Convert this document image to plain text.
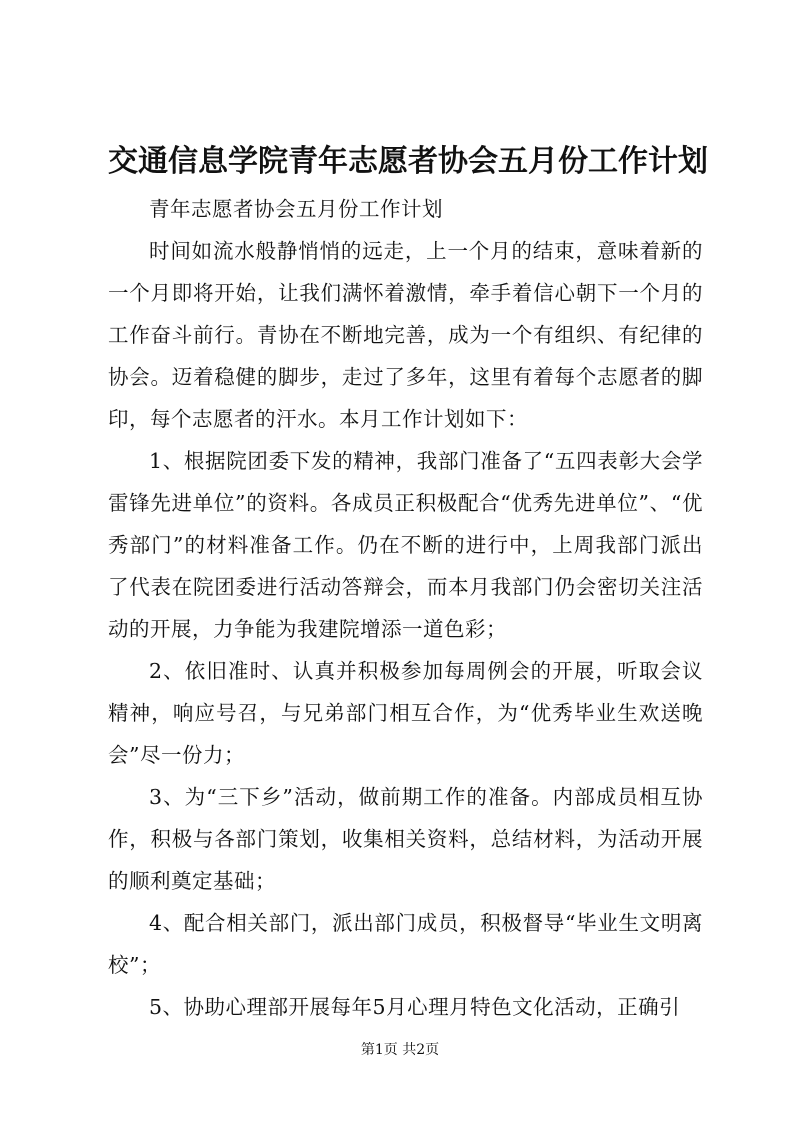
交通信息学院青年志愿者协会五月份工作计划

青年志愿者协会五月份工作计划

时间如流水般静悄悄的远走，上一个月的结束，意味着新的一个月即将开始，让我们满怀着激情，牵手着信心朝下一个月的工作奋斗前行。青协在不断地完善，成为一个有组织、有纪律的协会。迈着稳健的脚步，走过了多年，这里有着每个志愿者的脚印，每个志愿者的汗水。本月工作计划如下：

1、根据院团委下发的精神，我部门准备了“五四表彰大会学雷锋先进单位”的资料。各成员正积极配合“优秀先进单位”、“优秀部门”的材料准备工作。仍在不断的进行中，上周我部门派出了代表在院团委进行活动答辩会，而本月我部门仍会密切关注活动的开展，力争能为我建院增添一道色彩；

2、依旧准时、认真并积极参加每周例会的开展，听取会议精神，响应号召，与兄弟部门相互合作，为“优秀毕业生欢送晚会”尽一份力；

3、为“三下乡”活动，做前期工作的准备。内部成员相互协作，积极与各部门策划，收集相关资料，总结材料，为活动开展的顺利奠定基础；

4、配合相关部门，派出部门成员，积极督导“毕业生文明离校”；

5、协助心理部开展每年5月心理月特色文化活动，正确引

第1页 共2页
